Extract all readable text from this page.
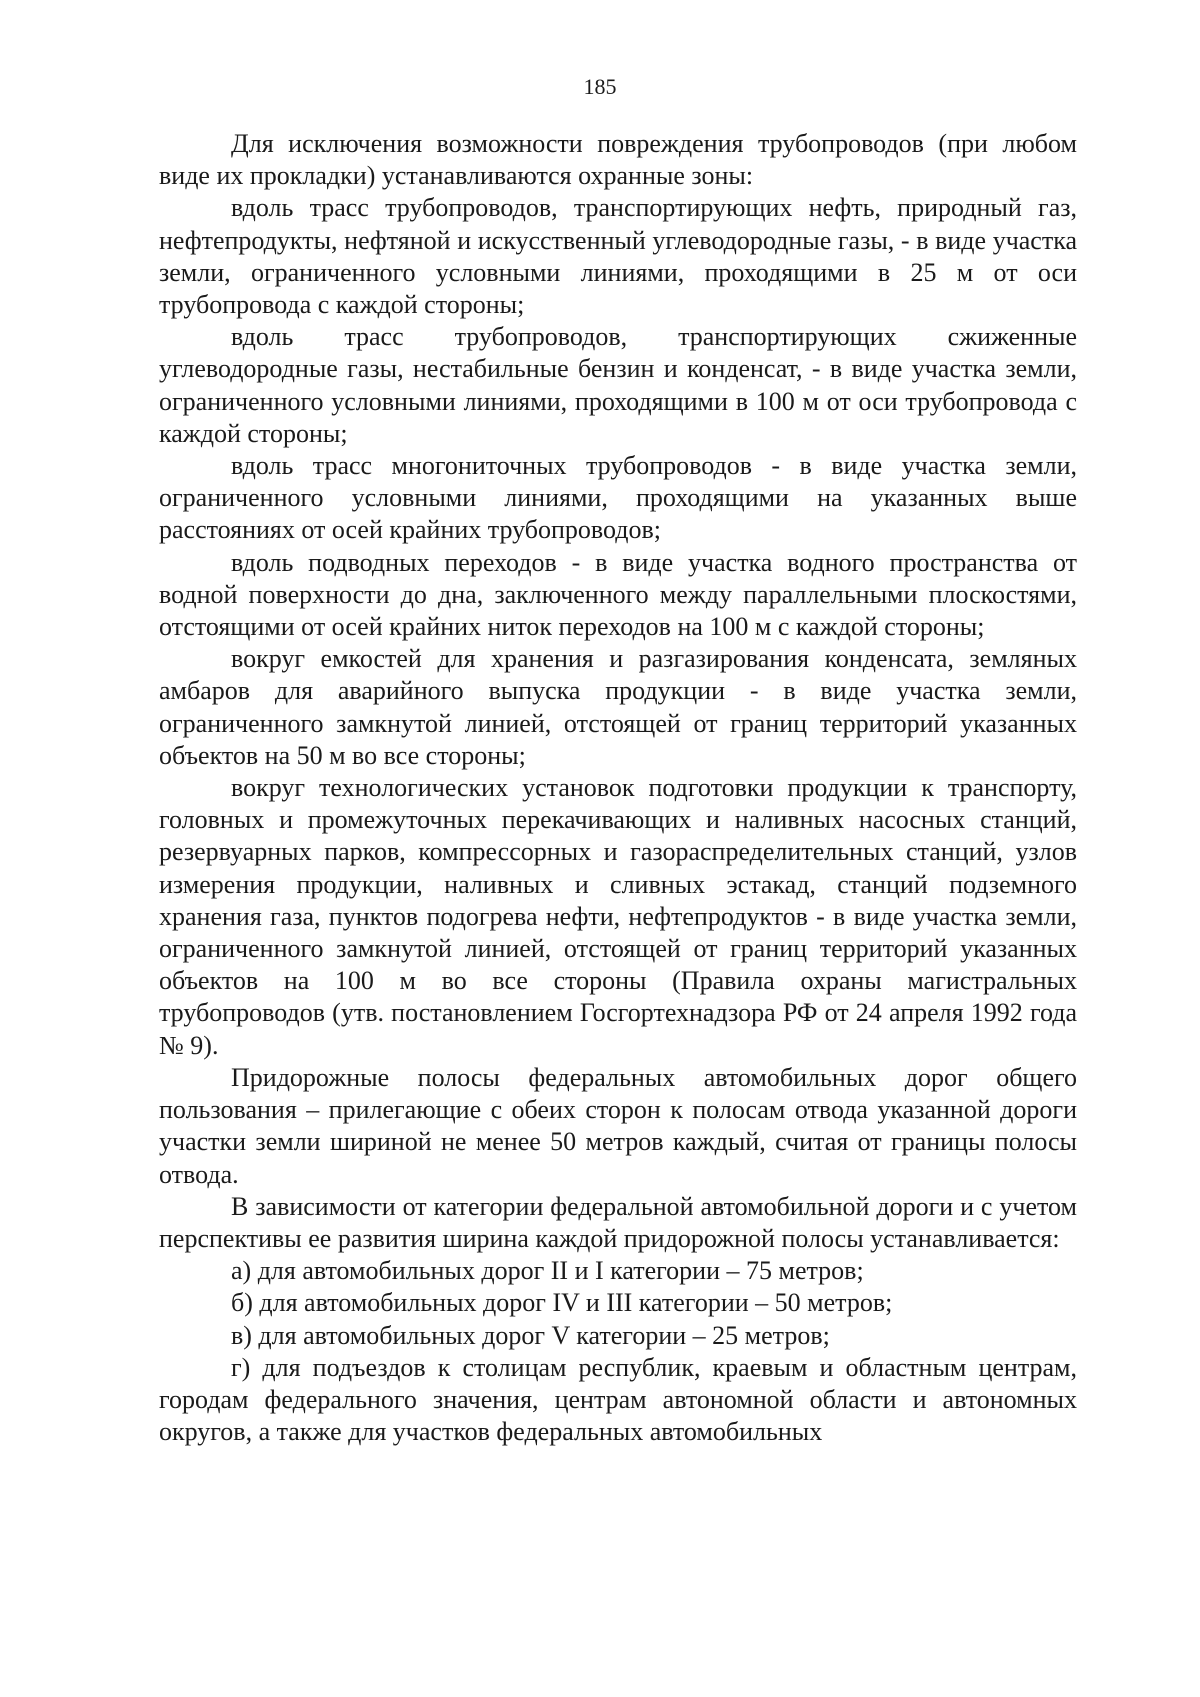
185

Для исключения возможности повреждения трубопроводов (при любом виде их прокладки) устанавливаются охранные зоны:

вдоль трасс трубопроводов, транспортирующих нефть, природный газ, нефтепродукты, нефтяной и искусственный углеводородные газы, - в виде участка земли, ограниченного условными линиями, проходящими в 25 м от оси трубопровода с каждой стороны;

вдоль трасс трубопроводов, транспортирующих сжиженные углеводородные газы, нестабильные бензин и конденсат, - в виде участка земли, ограниченного условными линиями, проходящими в 100 м от оси трубопровода с каждой стороны;

вдоль трасс многониточных трубопроводов - в виде участка земли, ограниченного условными линиями, проходящими на указанных выше расстояниях от осей крайних трубопроводов;

вдоль подводных переходов - в виде участка водного пространства от водной поверхности до дна, заключенного между параллельными плоскостями, отстоящими от осей крайних ниток переходов на 100 м с каждой стороны;

вокруг емкостей для хранения и разгазирования конденсата, земляных амбаров для аварийного выпуска продукции - в виде участка земли, ограниченного замкнутой линией, отстоящей от границ территорий указанных объектов на 50 м во все стороны;

вокруг технологических установок подготовки продукции к транспорту, головных и промежуточных перекачивающих и наливных насосных станций, резервуарных парков, компрессорных и газораспределительных станций, узлов измерения продукции, наливных и сливных эстакад, станций подземного хранения газа, пунктов подогрева нефти, нефтепродуктов - в виде участка земли, ограниченного замкнутой линией, отстоящей от границ территорий указанных объектов на 100 м во все стороны (Правила охраны магистральных трубопроводов (утв. постановлением Госгортехнадзора РФ от 24 апреля 1992 года № 9).

Придорожные полосы федеральных автомобильных дорог общего пользования – прилегающие с обеих сторон к полосам отвода указанной дороги участки земли шириной не менее 50 метров каждый, считая от границы полосы отвода.

В зависимости от категории федеральной автомобильной дороги и с учетом перспективы ее развития ширина каждой придорожной полосы устанавливается:

а) для автомобильных дорог II и I категории – 75 метров;

б) для автомобильных дорог IV и III категории – 50 метров;

в) для автомобильных дорог V категории – 25 метров;

г) для подъездов к столицам республик, краевым и областным центрам, городам федерального значения, центрам автономной области и автономных округов, а также для участков федеральных автомобильных
